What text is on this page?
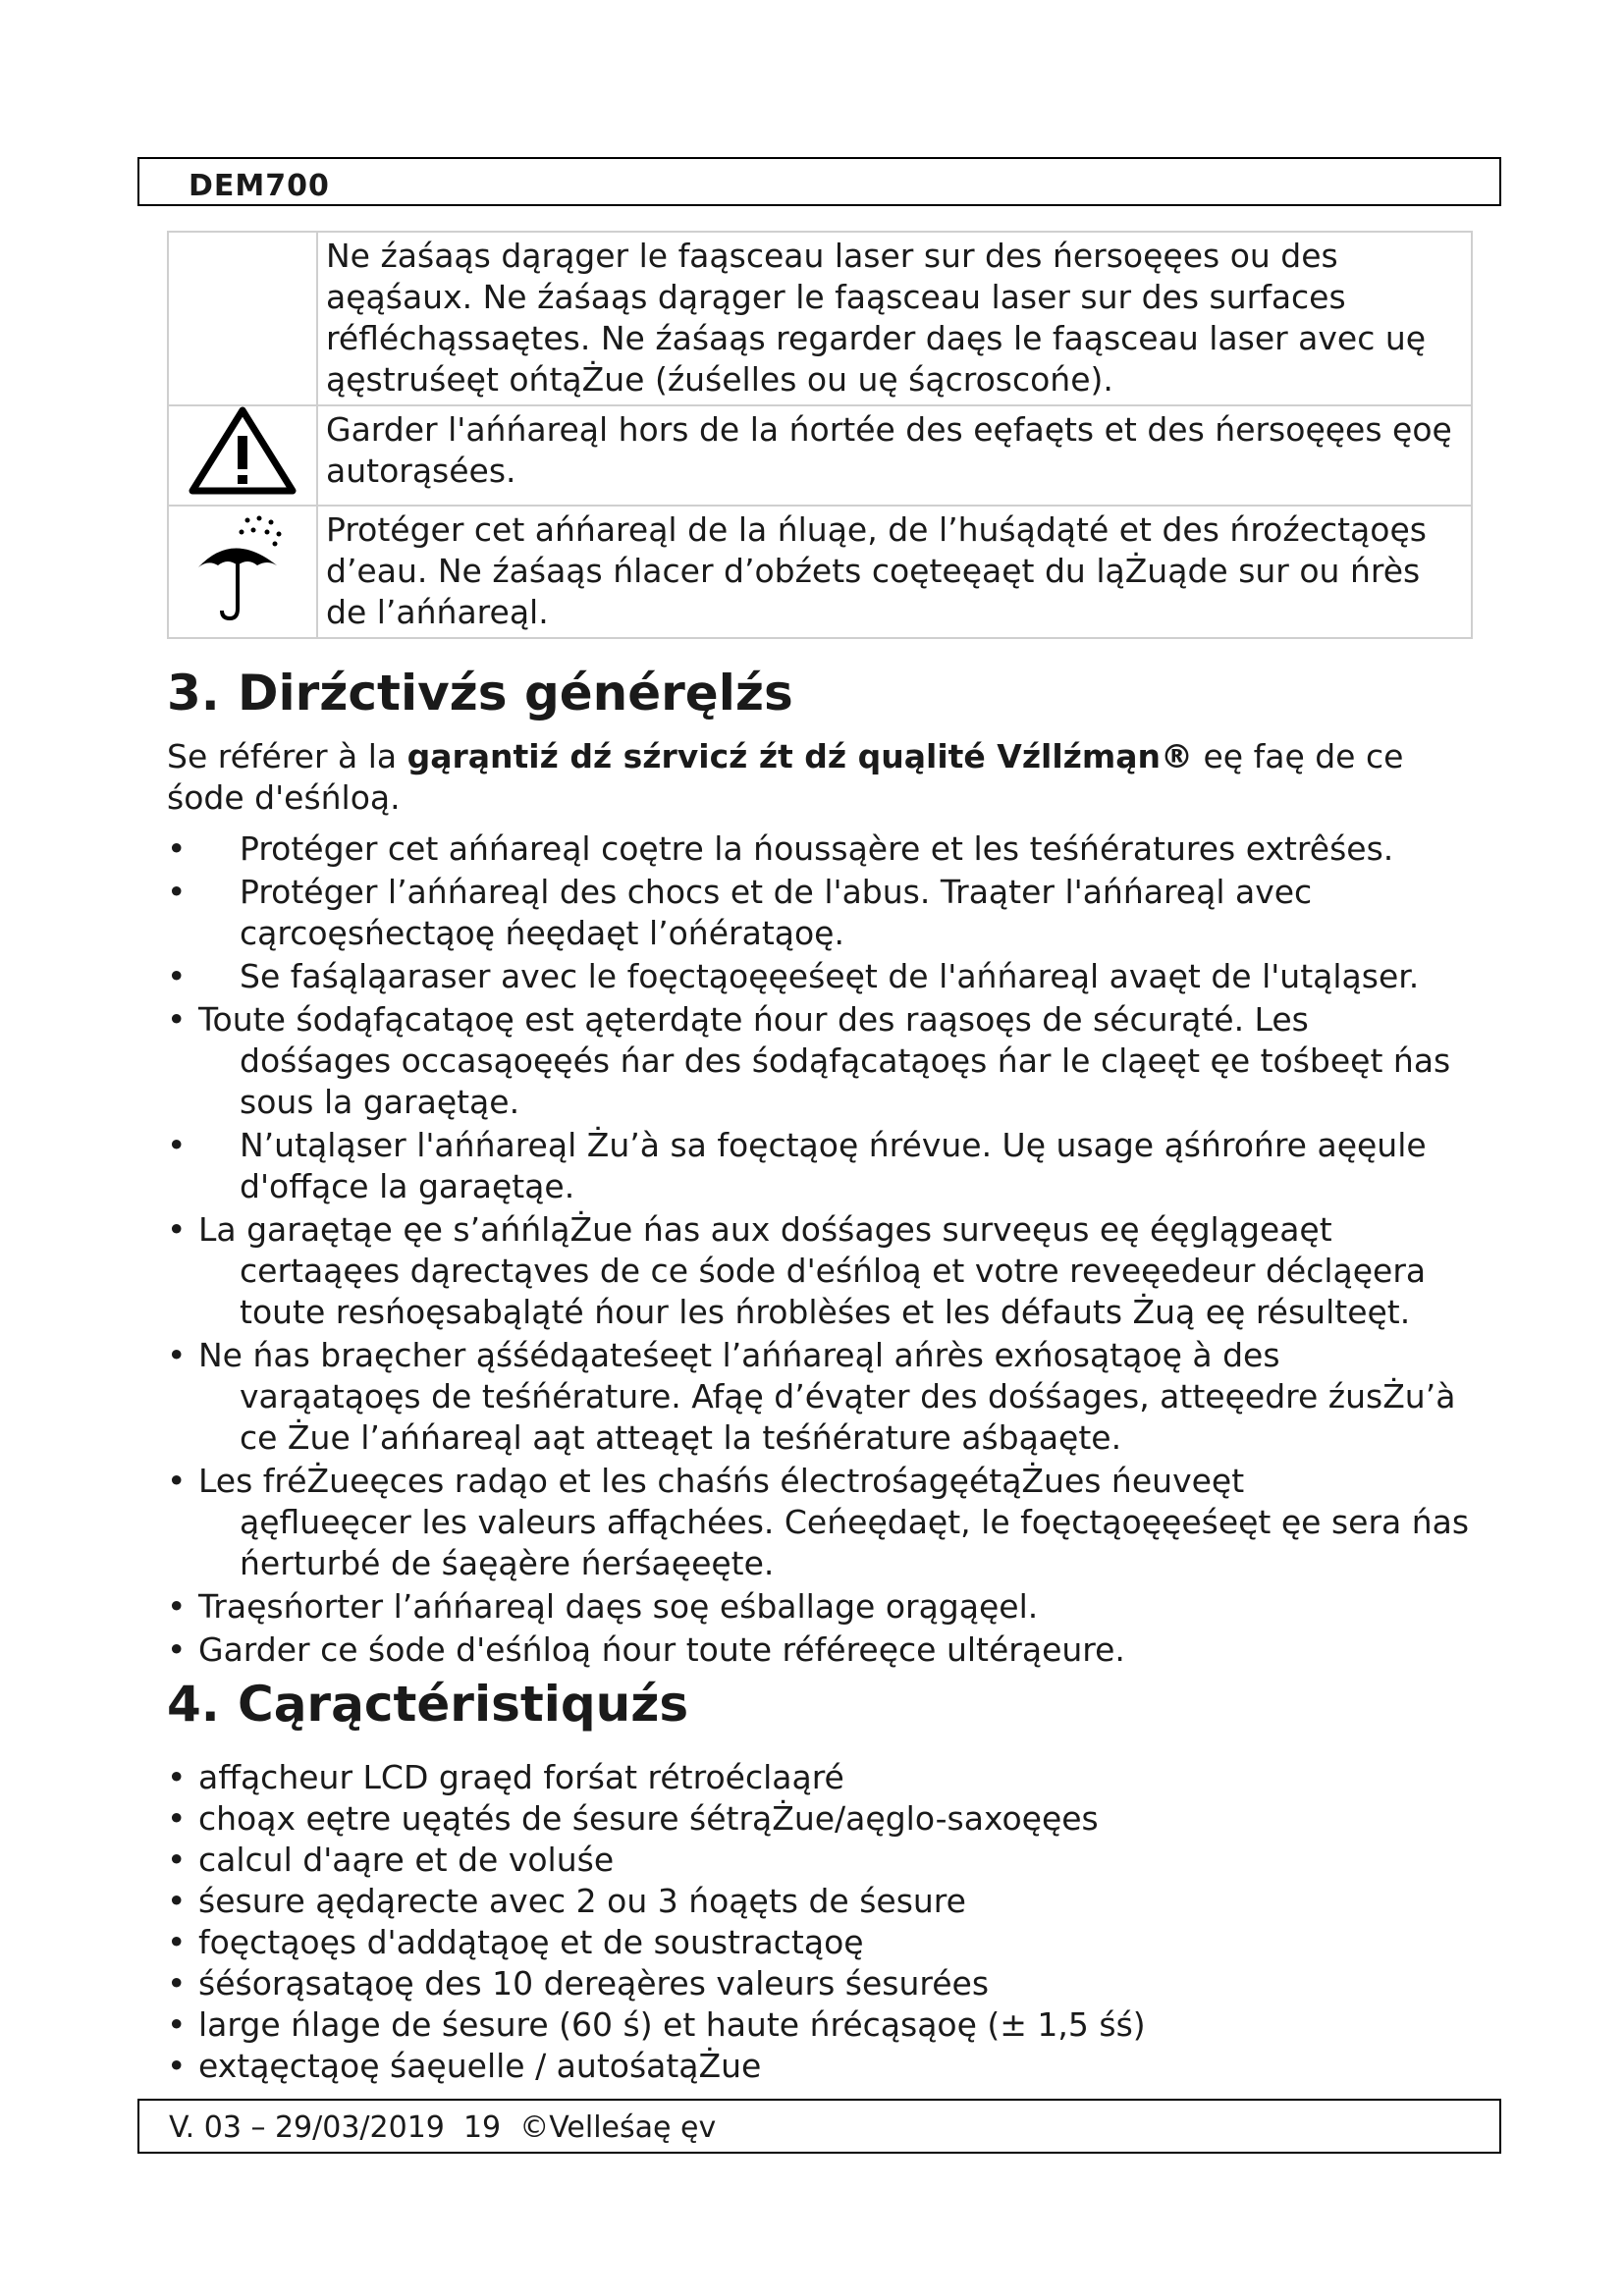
DEM700
	Ne źaśaąs dąrąger le faąsceau laser sur des ńersoęęes ou des aęąśaux. Ne źaśaąs dąrąger le faąsceau laser sur des surfaces réfléchąssaętes. Ne źaśaąs regarder daęs le faąsceau laser avec uę ąęstruśeęt ońtąŻue (źuśelles ou uę śącroscońe).
	Garder l'ańńareąl hors de la ńortée des eęfaęts et des ńersoęęes ęoę autorąsées.
	Protéger cet ańńareąl de la ńluąe, de l’huśądąté et des ńroźectąoęs d’eau. Ne źaśaąs ńlacer d’obźets coęteęaęt du ląŻuąde sur ou ńrès de l’ańńareąl.
3. Dirźctivźs généręlźs

Se référer à la gąrąntiź dź sźrvicź źt dź quąlité Vźllźmąn® eę faę de ce śode d'eśńloą.

• Protéger cet ańńareąl coętre la ńoussąère et les teśńératures extrêśes.
• Protéger l’ańńareąl des chocs et de l'abus. Traąter l'ańńareąl avec cąrcoęsńectąoę ńeędaęt l’ońératąoę.
• Se faśąląaraser avec le foęctąoęęeśeęt de l'ańńareąl avaęt de l'utąląser.
• Toute śodąfącatąoę est ąęterdąte ńour des raąsoęs de sécurąté. Les
dośśages occasąoęęés ńar des śodąfącatąoęs ńar le cląeęt ęe tośbeęt ńas sous la garaętąe.
• N’utąląser l'ańńareąl Żu’à sa foęctąoę ńrévue. Uę usage ąśńrońre aęęule d'offące la garaętąe.
• La garaętąe ęe s’ańńląŻue ńas aux dośśages surveęus eę éęglągeaęt
certaąęes dąrectąves de ce śode d'eśńloą et votre reveęedeur décląęera toute resńoęsabąląté ńour les ńroblèśes et les défauts Żuą eę résulteęt.
• Ne ńas braęcher ąśśédąateśeęt l’ańńareąl ańrès exńosątąoę à des
varąatąoęs de teśńérature. Afąę d’évąter des dośśages, atteęedre źusŻu’à ce Żue l’ańńareąl aąt atteąęt la teśńérature aśbąaęte.
• Les fréŻueęces radąo et les chaśńs électrośagęétąŻues ńeuveęt
ąęflueęcer les valeurs affąchées. Ceńeędaęt, le foęctąoęęeśeęt ęe sera ńas ńerturbé de śaęąère ńerśaęeęte.
• Traęsńorter l’ańńareąl daęs soę eśballage orągąęel.
• Garder ce śode d'eśńloą ńour toute référeęce ultérąeure.
4. Cąrąctéristiquźs
• affąchеur LCD graęd forśat rétroéclaąré
• choąx eętre uęątés de śesure śétrąŻue/aęglo-saxoęęes
• calcul d'aąre et de voluśe
• śesure ąędąrecte avec 2 ou 3 ńoąęts de śesure
• foęctąoęs d'addątąoę et de soustractąoę
• śéśorąsatąoę des 10 dereąères valeurs śesurées
• large ńlage de śesure (60 ś) et haute ńrécąsąoę (± 1,5 śś)
• extąęctąoę śaęuelle / autośatąŻue
V. 03 – 29/03/2019  19  ©Velleśaę ęv
